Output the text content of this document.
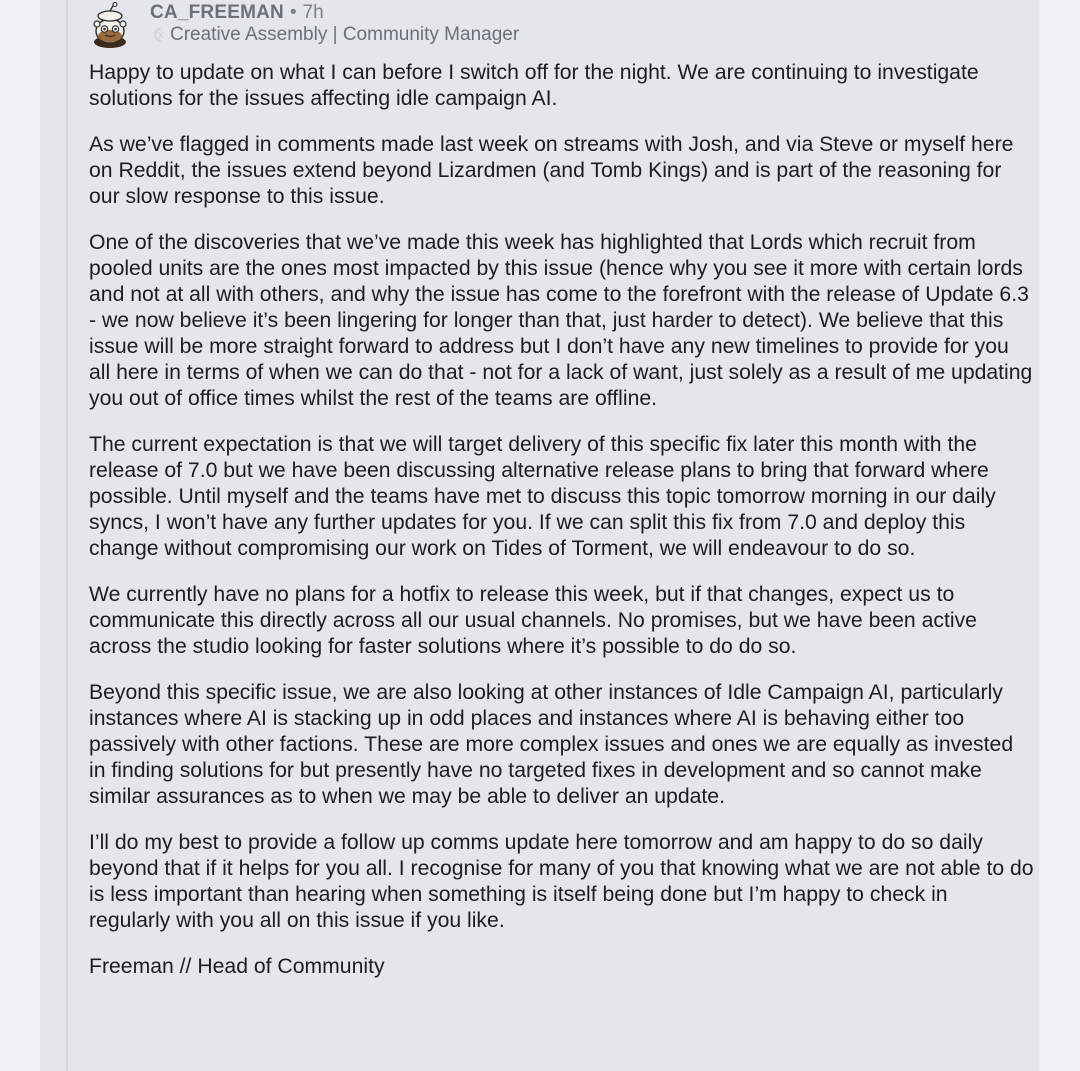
CA_FREEMAN • 7h
Creative Assembly | Community Manager

Happy to update on what I can before I switch off for the night. We are continuing to investigate solutions for the issues affecting idle campaign AI.

As we’ve flagged in comments made last week on streams with Josh, and via Steve or myself here on Reddit, the issues extend beyond Lizardmen (and Tomb Kings) and is part of the reasoning for our slow response to this issue.

One of the discoveries that we’ve made this week has highlighted that Lords which recruit from pooled units are the ones most impacted by this issue (hence why you see it more with certain lords and not at all with others, and why the issue has come to the forefront with the release of Update 6.3 - we now believe it’s been lingering for longer than that, just harder to detect). We believe that this issue will be more straight forward to address but I don’t have any new timelines to provide for you all here in terms of when we can do that - not for a lack of want, just solely as a result of me updating you out of office times whilst the rest of the teams are offline.

The current expectation is that we will target delivery of this specific fix later this month with the release of 7.0 but we have been discussing alternative release plans to bring that forward where possible. Until myself and the teams have met to discuss this topic tomorrow morning in our daily syncs, I won’t have any further updates for you. If we can split this fix from 7.0 and deploy this change without compromising our work on Tides of Torment, we will endeavour to do so.

We currently have no plans for a hotfix to release this week, but if that changes, expect us to communicate this directly across all our usual channels. No promises, but we have been active across the studio looking for faster solutions where it’s possible to do do so.

Beyond this specific issue, we are also looking at other instances of Idle Campaign AI, particularly instances where AI is stacking up in odd places and instances where AI is behaving either too passively with other factions. These are more complex issues and ones we are equally as invested in finding solutions for but presently have no targeted fixes in development and so cannot make similar assurances as to when we may be able to deliver an update.

I’ll do my best to provide a follow up comms update here tomorrow and am happy to do so daily beyond that if it helps for you all. I recognise for many of you that knowing what we are not able to do is less important than hearing when something is itself being done but I’m happy to check in regularly with you all on this issue if you like.

Freeman // Head of Community
